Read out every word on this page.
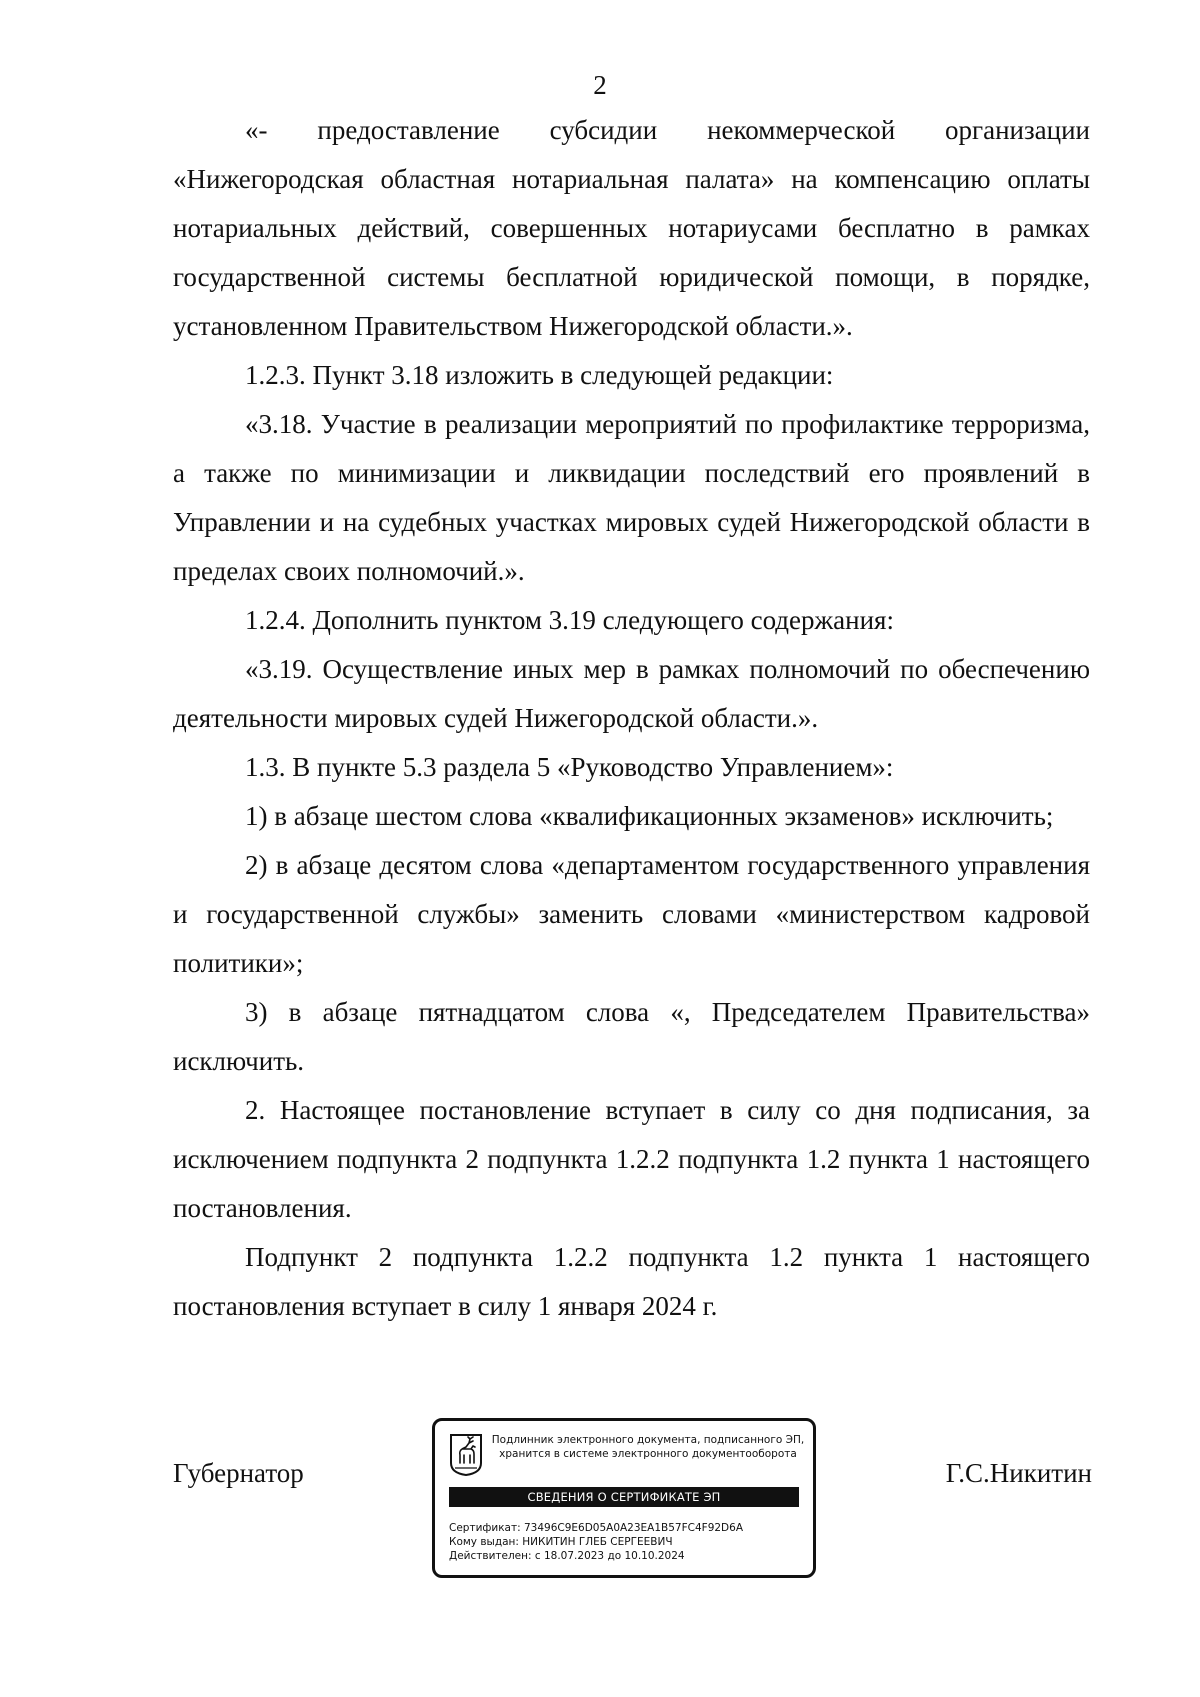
2

«- предоставление субсидии некоммерческой организации «Нижегородская областная нотариальная палата» на компенсацию оплаты нотариальных действий, совершенных нотариусами бесплатно в рамках государственной системы бесплатной юридической помощи, в порядке, установленном Правительством Нижегородской области.».

1.2.3. Пункт 3.18 изложить в следующей редакции:

«3.18. Участие в реализации мероприятий по профилактике терроризма, а также по минимизации и ликвидации последствий его проявлений в Управлении и на судебных участках мировых судей Нижегородской области в пределах своих полномочий.».

1.2.4. Дополнить пунктом 3.19 следующего содержания:

«3.19. Осуществление иных мер в рамках полномочий по обеспечению деятельности мировых судей Нижегородской области.».

1.3. В пункте 5.3 раздела 5 «Руководство Управлением»:

1) в абзаце шестом слова «квалификационных экзаменов» исключить;

2) в абзаце десятом слова «департаментом государственного управления и государственной службы» заменить словами «министерством кадровой политики»;

3) в абзаце пятнадцатом слова «, Председателем Правительства» исключить.

2. Настоящее постановление вступает в силу со дня подписания, за исключением подпункта 2 подпункта 1.2.2 подпункта 1.2 пункта 1 настоящего постановления.

Подпункт 2 подпункта 1.2.2 подпункта 1.2 пункта 1 настоящего постановления вступает в силу 1 января 2024 г.

Губернатор	Г.С.Никитин
Подлинник электронного документа, подписанного ЭП,
хранится в системе электронного документооборота
СВЕДЕНИЯ О СЕРТИФИКАТЕ ЭП
Сертификат: 73496C9E6D05A0A23EA1B57FC4F92D6A
Кому выдан: НИКИТИН ГЛЕБ СЕРГЕЕВИЧ
Действителен: с 18.07.2023 до 10.10.2024
